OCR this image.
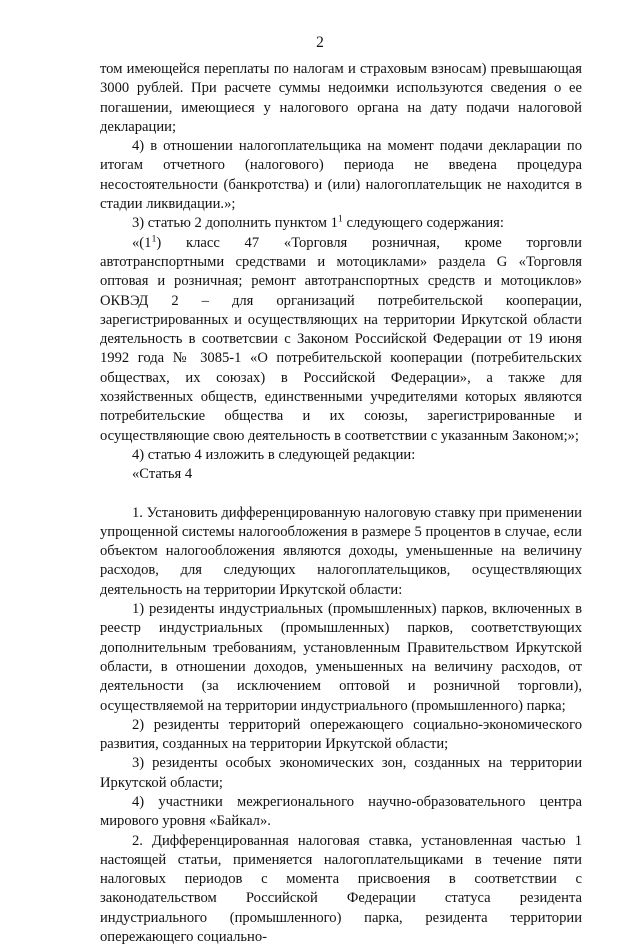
2

том имеющейся переплаты по налогам и страховым взносам) превышающая 3000 рублей. При расчете суммы недоимки используются сведения о ее погашении, имеющиеся у налогового органа на дату подачи налоговой декларации;

4) в отношении налогоплательщика на момент подачи декларации по итогам отчетного (налогового) периода не введена процедура несостоятельности (банкротства) и (или) налогоплательщик не находится в стадии ликвидации.»;

3) статью 2 дополнить пунктом $1^1$ следующего содержания:

«$(1^1)$ класс 47 «Торговля розничная, кроме торговли автотранспортными средствами и мотоциклами» раздела G «Торговля оптовая и розничная; ремонт автотранспортных средств и мотоциклов» ОКВЭД 2 – для организаций потребительской кооперации, зарегистрированных и осуществляющих на территории Иркутской области деятельность в соответсвии с Законом Российской Федерации от 19 июня 1992 года № 3085-1 «О потребительской кооперации (потребительских обществах, их союзах) в Российской Федерации», а также для хозяйственных обществ, единственными учредителями которых являются потребительские общества и их союзы, зарегистрированные и осуществляющие свою деятельность в соответствии с указанным Законом;»;

4) статью 4 изложить в следующей редакции:

«Статья 4

1. Установить дифференцированную налоговую ставку при применении упрощенной системы налогообложения в размере 5 процентов в случае, если объектом налогообложения являются доходы, уменьшенные на величину расходов, для следующих налогоплательщиков, осуществляющих деятельность на территории Иркутской области:

1) резиденты индустриальных (промышленных) парков, включенных в реестр индустриальных (промышленных) парков, соответствующих дополнительным требованиям, установленным Правительством Иркутской области, в отношении доходов, уменьшенных на величину расходов, от деятельности (за исключением оптовой и розничной торговли), осуществляемой на территории индустриального (промышленного) парка;

2) резиденты территорий опережающего социально-экономического развития, созданных на территории Иркутской области;

3) резиденты особых экономических зон, созданных на территории Иркутской области;

4) участники межрегионального научно-образовательного центра мирового уровня «Байкал».

2. Дифференцированная налоговая ставка, установленная частью 1 настоящей статьи, применяется налогоплательщиками в течение пяти налоговых периодов с момента присвоения в соответствии с законодательством Российской Федерации статуса резидента индустриального (промышленного) парка, резидента территории опережающего социально-
